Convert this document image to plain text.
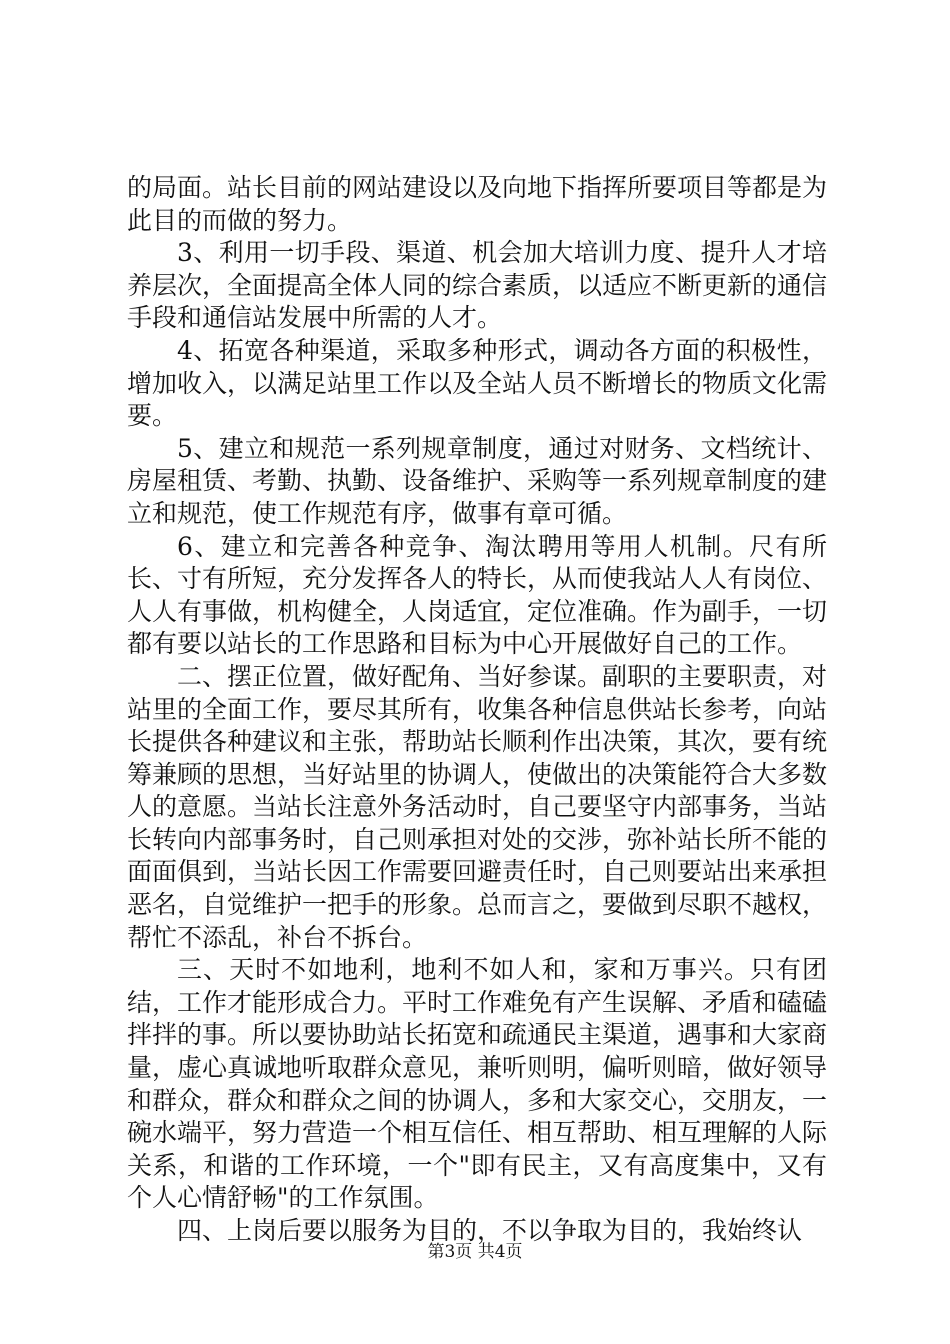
的局面。站长目前的网站建设以及向地下指挥所要项目等都是为此目的而做的努力。

3、利用一切手段、渠道、机会加大培训力度、提升人才培养层次，全面提高全体人同的综合素质，以适应不断更新的通信手段和通信站发展中所需的人才。

4、拓宽各种渠道，采取多种形式，调动各方面的积极性，增加收入，以满足站里工作以及全站人员不断增长的物质文化需要。

5、建立和规范一系列规章制度，通过对财务、文档统计、房屋租赁、考勤、执勤、设备维护、采购等一系列规章制度的建立和规范，使工作规范有序，做事有章可循。

6、建立和完善各种竞争、淘汰聘用等用人机制。尺有所长、寸有所短，充分发挥各人的特长，从而使我站人人有岗位、人人有事做，机构健全，人岗适宜，定位准确。作为副手，一切都有要以站长的工作思路和目标为中心开展做好自己的工作。

二、摆正位置，做好配角、当好参谋。副职的主要职责，对站里的全面工作，要尽其所有，收集各种信息供站长参考，向站长提供各种建议和主张，帮助站长顺利作出决策，其次，要有统筹兼顾的思想，当好站里的协调人，使做出的决策能符合大多数人的意愿。当站长注意外务活动时，自己要坚守内部事务，当站长转向内部事务时，自己则承担对处的交涉，弥补站长所不能的面面俱到，当站长因工作需要回避责任时，自己则要站出来承担恶名，自觉维护一把手的形象。总而言之，要做到尽职不越权，帮忙不添乱，补台不拆台。

三、天时不如地利，地利不如人和，家和万事兴。只有团结，工作才能形成合力。平时工作难免有产生误解、矛盾和磕磕拌拌的事。所以要协助站长拓宽和疏通民主渠道，遇事和大家商量，虚心真诚地听取群众意见，兼听则明，偏听则暗，做好领导和群众，群众和群众之间的协调人，多和大家交心，交朋友，一碗水端平，努力营造一个相互信任、相互帮助、相互理解的人际关系，和谐的工作环境，一个"即有民主，又有高度集中，又有个人心情舒畅"的工作氛围。

四、上岗后要以服务为目的，不以争取为目的，我始终认

第3页 共4页
